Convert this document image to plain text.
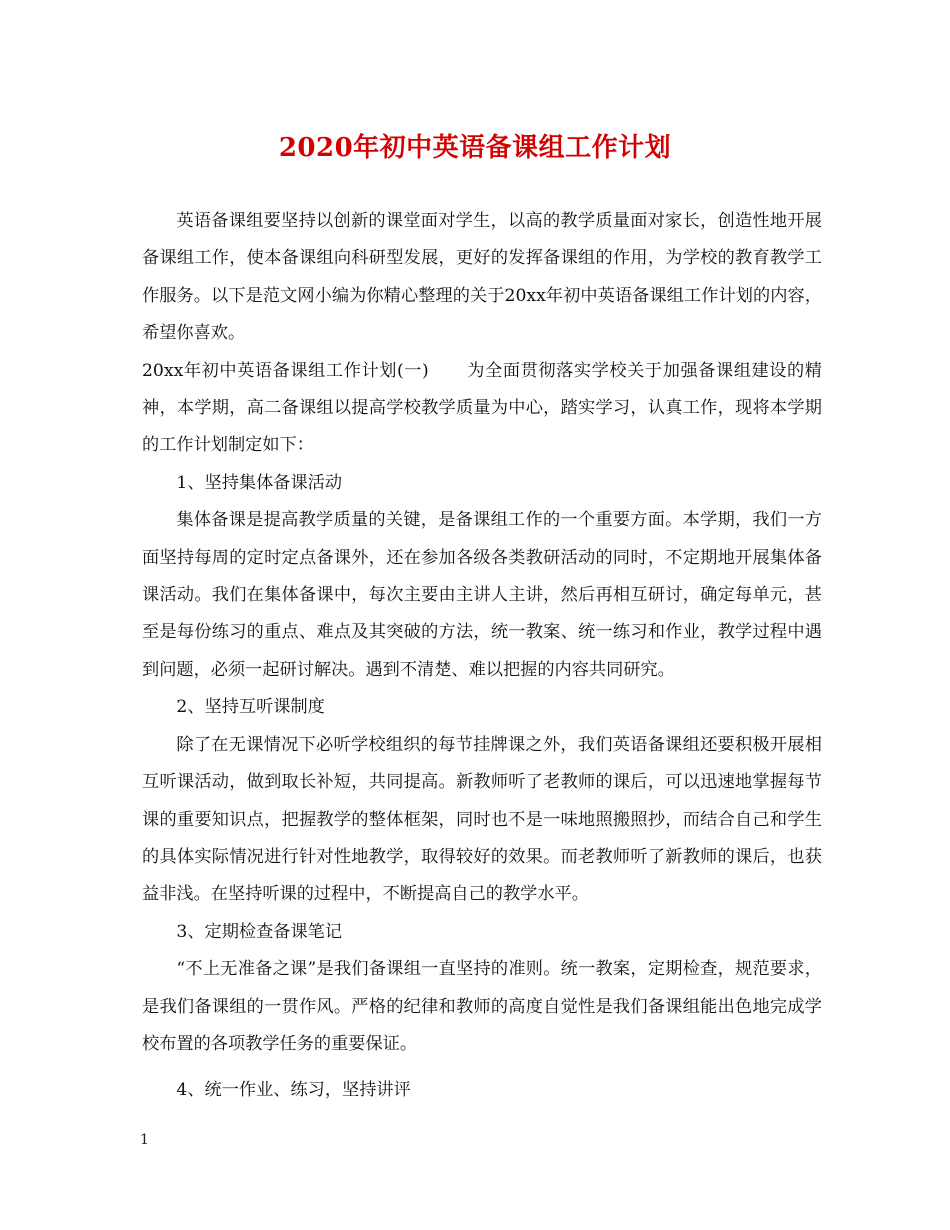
2020年初中英语备课组工作计划

英语备课组要坚持以创新的课堂面对学生，以高的教学质量面对家长，创造性地开展备课组工作，使本备课组向科研型发展，更好的发挥备课组的作用，为学校的教育教学工作服务。以下是范文网小编为你精心整理的关于20xx年初中英语备课组工作计划的内容，希望你喜欢。

20xx年初中英语备课组工作计划(一) 为全面贯彻落实学校关于加强备课组建设的精神，本学期，高二备课组以提高学校教学质量为中心，踏实学习，认真工作，现将本学期的工作计划制定如下：

1、坚持集体备课活动

集体备课是提高教学质量的关键，是备课组工作的一个重要方面。本学期，我们一方面坚持每周的定时定点备课外，还在参加各级各类教研活动的同时，不定期地开展集体备课活动。我们在集体备课中，每次主要由主讲人主讲，然后再相互研讨，确定每单元，甚至是每份练习的重点、难点及其突破的方法，统一教案、统一练习和作业，教学过程中遇到问题，必须一起研讨解决。遇到不清楚、难以把握的内容共同研究。

2、坚持互听课制度

除了在无课情况下必听学校组织的每节挂牌课之外，我们英语备课组还要积极开展相互听课活动，做到取长补短，共同提高。新教师听了老教师的课后，可以迅速地掌握每节课的重要知识点，把握教学的整体框架，同时也不是一味地照搬照抄，而结合自己和学生的具体实际情况进行针对性地教学，取得较好的效果。而老教师听了新教师的课后，也获益非浅。在坚持听课的过程中，不断提高自己的教学水平。

3、定期检查备课笔记

“不上无准备之课”是我们备课组一直坚持的准则。统一教案，定期检查，规范要求，是我们备课组的一贯作风。严格的纪律和教师的高度自觉性是我们备课组能出色地完成学校布置的各项教学任务的重要保证。

4、统一作业、练习，坚持讲评

1
